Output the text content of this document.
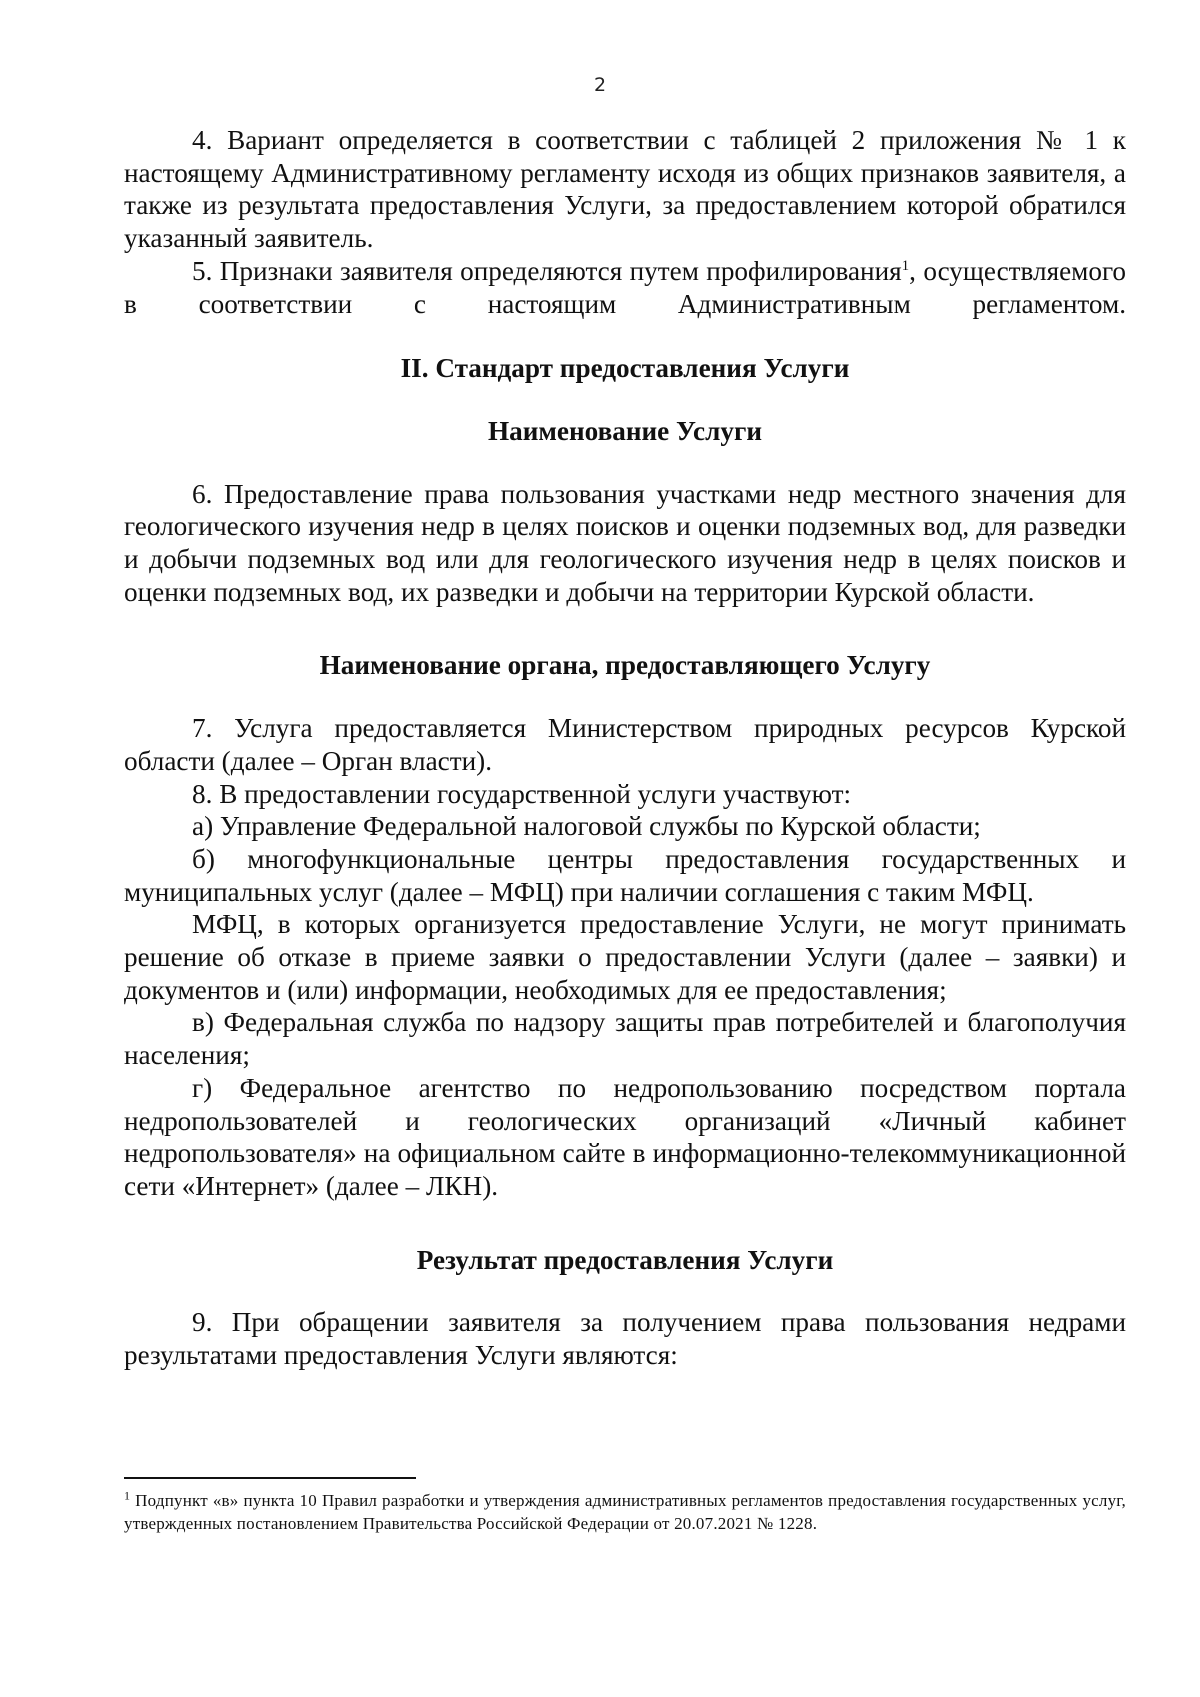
2

4. Вариант определяется в соответствии с таблицей 2 приложения № 1 к настоящему Административному регламенту исходя из общих признаков заявителя, а также из результата предоставления Услуги, за предоставлением которой обратился указанный заявитель.

5. Признаки заявителя определяются путем профилирования$^1$, осуществляемого в соответствии с настоящим Административным регламентом.

II. Стандарт предоставления Услуги

Наименование Услуги

6. Предоставление права пользования участками недр местного значения для геологического изучения недр в целях поисков и оценки подземных вод, для разведки и добычи подземных вод или для геологического изучения недр в целях поисков и оценки подземных вод, их разведки и добычи на территории Курской области.

Наименование органа, предоставляющего Услугу

7. Услуга предоставляется Министерством природных ресурсов Курской области (далее – Орган власти).

8. В предоставлении государственной услуги участвуют:

а) Управление Федеральной налоговой службы по Курской области;

б) многофункциональные центры предоставления государственных и муниципальных услуг (далее – МФЦ) при наличии соглашения с таким МФЦ.

МФЦ, в которых организуется предоставление Услуги, не могут принимать решение об отказе в приеме заявки о предоставлении Услуги (далее – заявки) и документов и (или) информации, необходимых для ее предоставления;

в) Федеральная служба по надзору защиты прав потребителей и благополучия населения;

г) Федеральное агентство по недропользованию посредством портала недропользователей и геологических организаций «Личный кабинет недропользователя» на официальном сайте в информационно-телекоммуникационной сети «Интернет» (далее – ЛКН).

Результат предоставления Услуги

9. При обращении заявителя за получением права пользования недрами результатами предоставления Услуги являются:

$^1$ Подпункт «в» пункта 10 Правил разработки и утверждения административных регламентов предоставления государственных услуг, утвержденных постановлением Правительства Российской Федерации от 20.07.2021 № 1228.
